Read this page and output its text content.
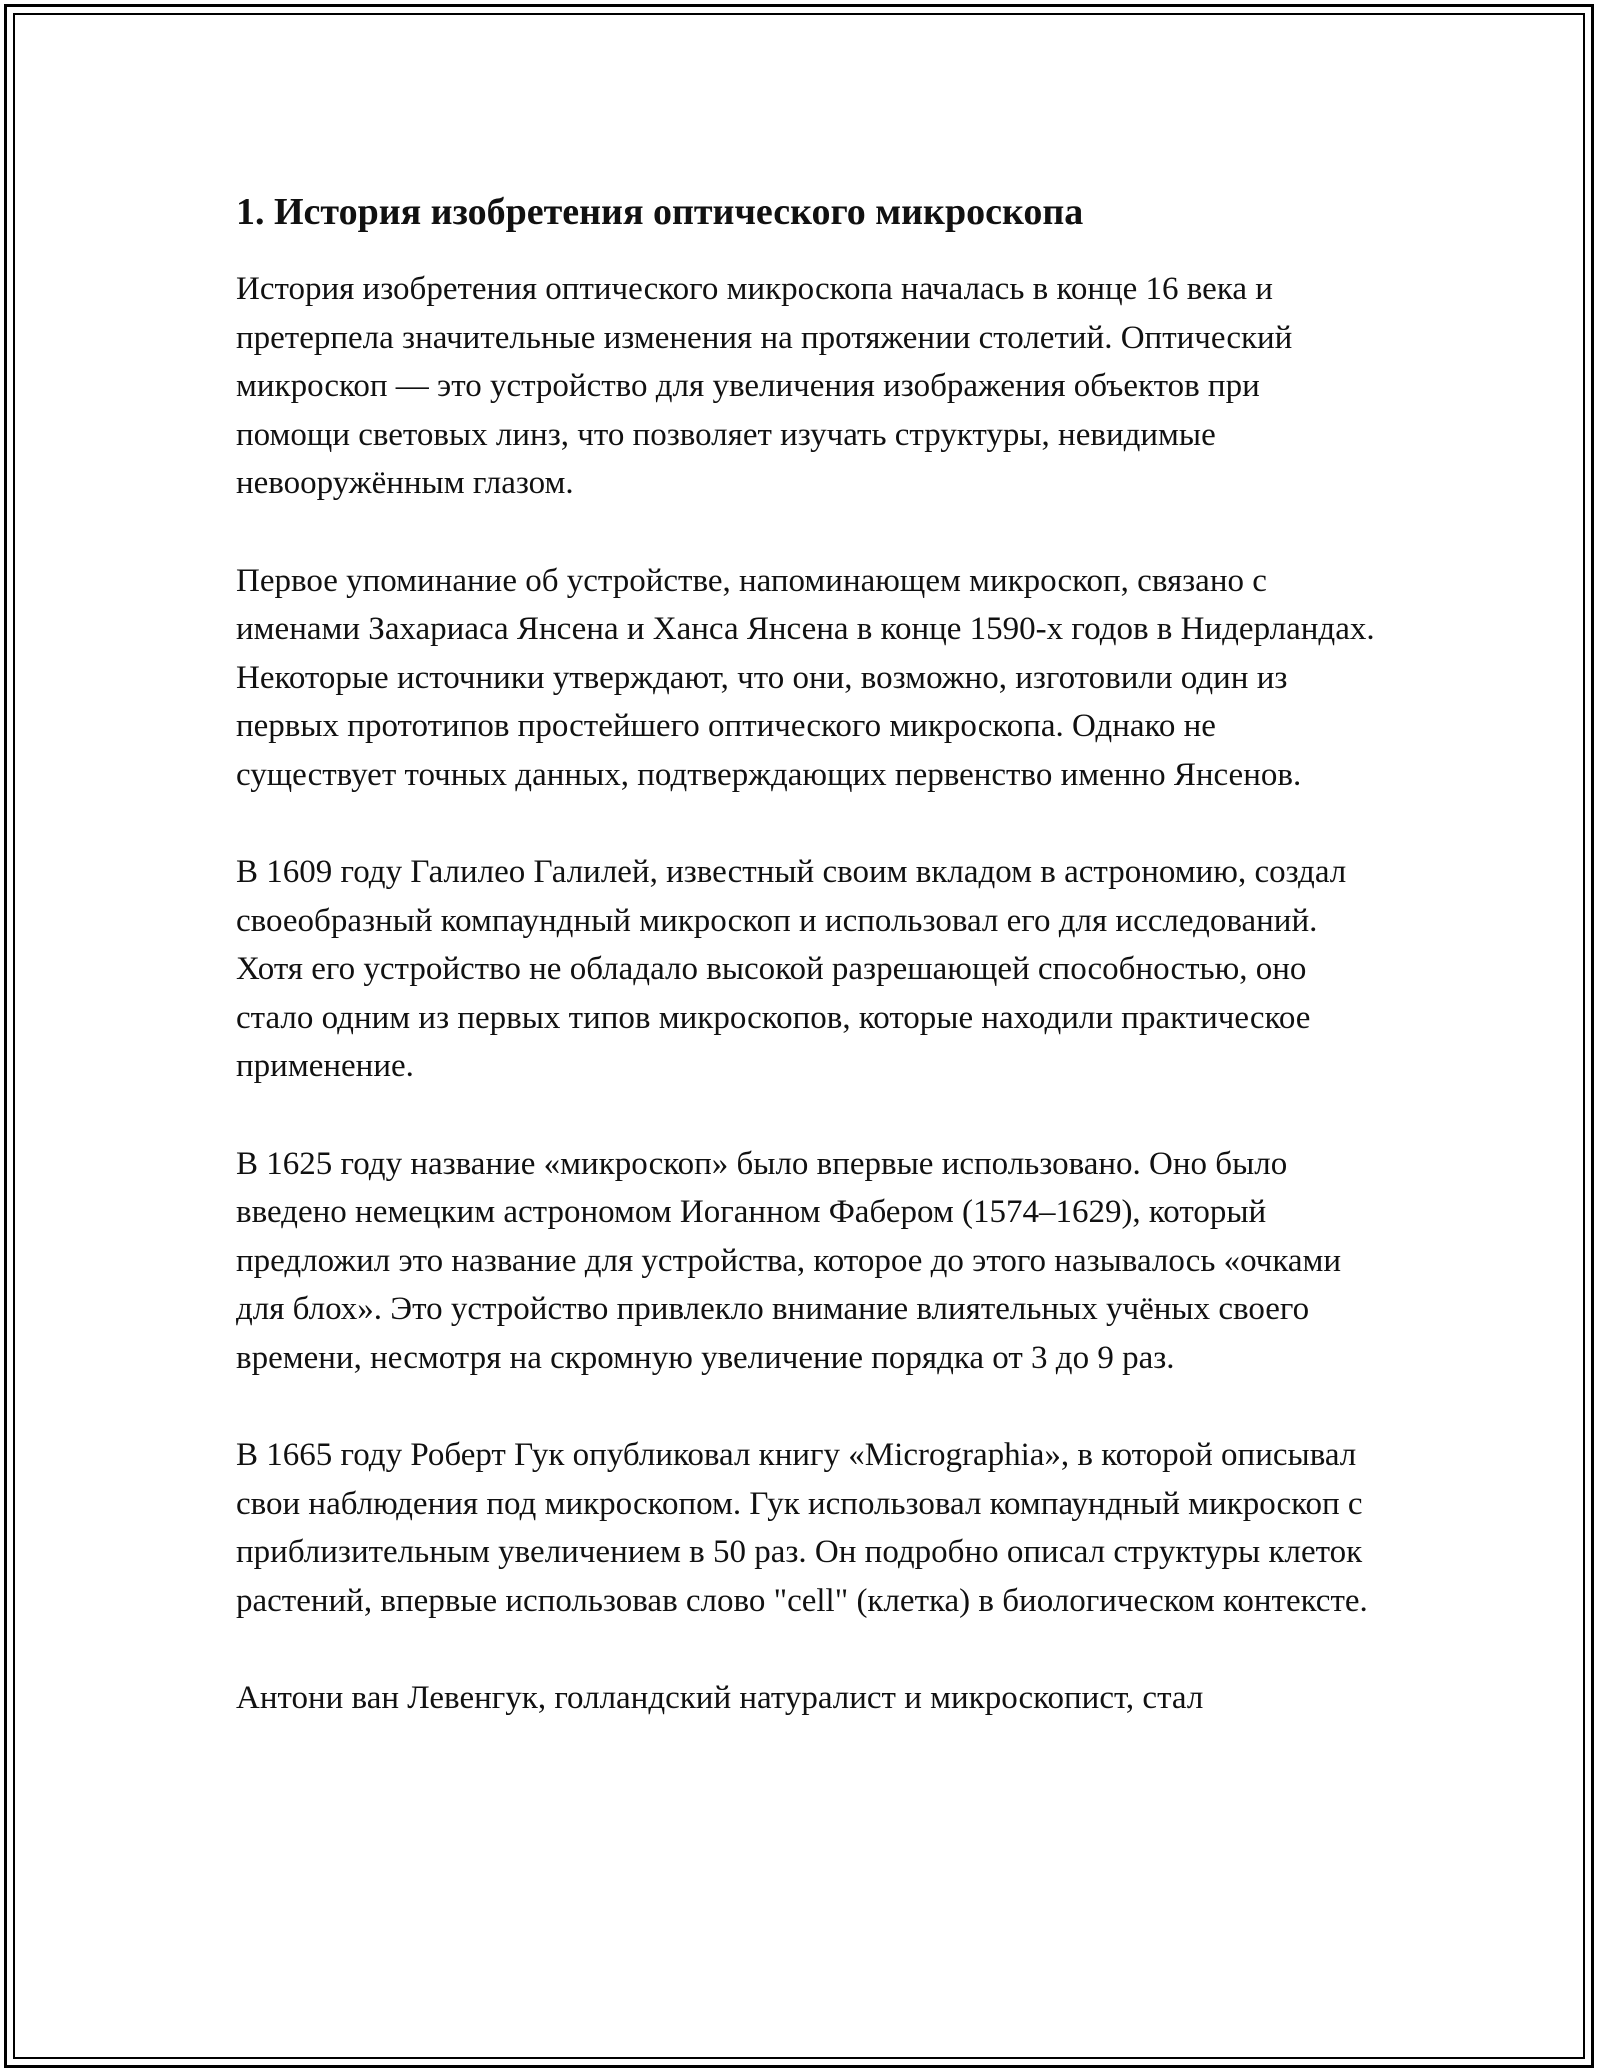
1. История изобретения оптического микроскопа

История изобретения оптического микроскопа началась в конце 16 века и претерпела значительные изменения на протяжении столетий. Оптический микроскоп — это устройство для увеличения изображения объектов при помощи световых линз, что позволяет изучать структуры, невидимые невооружённым глазом.

Первое упоминание об устройстве, напоминающем микроскоп, связано с именами Захариаса Янсена и Ханса Янсена в конце 1590-х годов в Нидерландах. Некоторые источники утверждают, что они, возможно, изготовили один из первых прототипов простейшего оптического микроскопа. Однако не существует точных данных, подтверждающих первенство именно Янсенов.

В 1609 году Галилео Галилей, известный своим вкладом в астрономию, создал своеобразный компаундный микроскоп и использовал его для исследований. Хотя его устройство не обладало высокой разрешающей способностью, оно стало одним из первых типов микроскопов, которые находили практическое применение.

В 1625 году название «микроскоп» было впервые использовано. Оно было введено немецким астрономом Иоганном Фабером (1574–1629), который предложил это название для устройства, которое до этого называлось «очками для блох». Это устройство привлекло внимание влиятельных учёных своего времени, несмотря на скромную увеличение порядка от 3 до 9 раз.

В 1665 году Роберт Гук опубликовал книгу «Micrographia», в которой описывал свои наблюдения под микроскопом. Гук использовал компаундный микроскоп с приблизительным увеличением в 50 раз. Он подробно описал структуры клеток растений, впервые использовав слово "cell" (клетка) в биологическом контексте.

Антони ван Левенгук, голландский натуралист и микроскопист, стал
